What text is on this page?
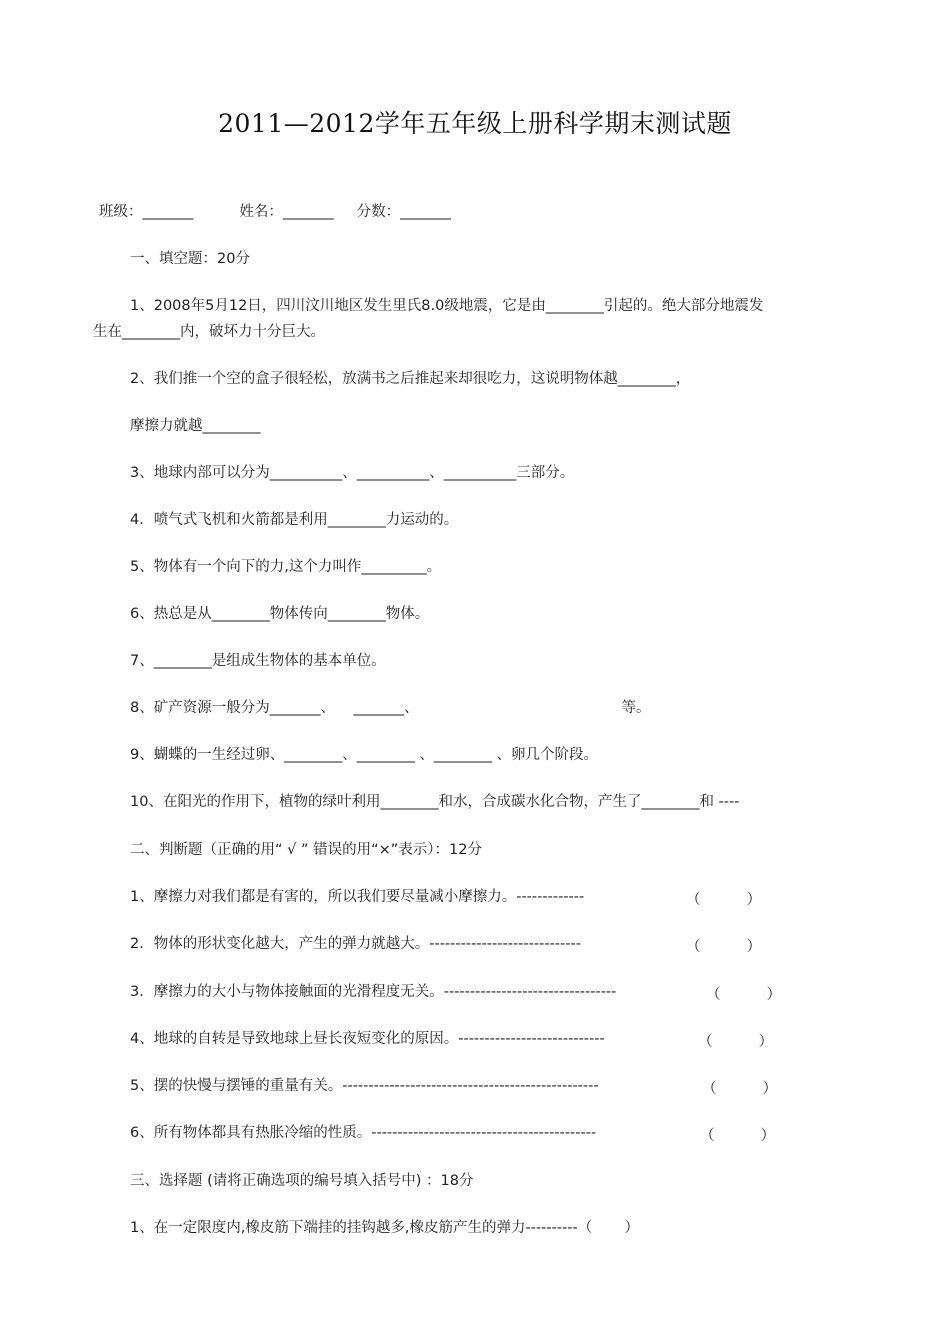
2011—2012学年五年级上册科学期末测试题
班级：_______          姓名：_______     分数：_______
一、填空题：20分
1、2008年5月12日，四川汶川地区发生里氏8.0级地震，它是由________引起的。绝大部分地震发
生在________内，破坏力十分巨大。
2、我们推一个空的盒子很轻松，放满书之后推起来却很吃力，这说明物体越________，
摩擦力就越________
3、地球内部可以分为__________、__________、__________三部分。
4．喷气式飞机和火箭都是利用________力运动的。
5、物体有一个向下的力,这个力叫作_________。
6、热总是从________物体传向________物体。
7、________是组成生物体的基本单位。
8、矿产资源一般分为_______、    _______、                                            等。
9、蝴蝶的一生经过卵、________、________ 、________ 、卵几个阶段。
10、在阳光的作用下，植物的绿叶利用________和水，合成碳水化合物，产生了________和 ----
二、判断题（正确的用“ √ ” 错误的用“×”表示）：12分
1、摩擦力对我们都是有害的，所以我们要尽量减小摩擦力。-------------	（          ）
2．物体的形状变化越大，产生的弹力就越大。-----------------------------	（          ）
3．摩擦力的大小与物体接触面的光滑程度无关。---------------------------------	（          ）
4、地球的自转是导致地球上昼长夜短变化的原因。----------------------------	（          ）
5、摆的快慢与摆锤的重量有关。-------------------------------------------------	（          ）
6、所有物体都具有热胀冷缩的性质。-------------------------------------------	（          ）
三、选择题 (请将正确选项的编号填入括号中) ：18分
1、在一定限度内,橡皮筋下端挂的挂钩越多,橡皮筋产生的弹力----------（       ）
